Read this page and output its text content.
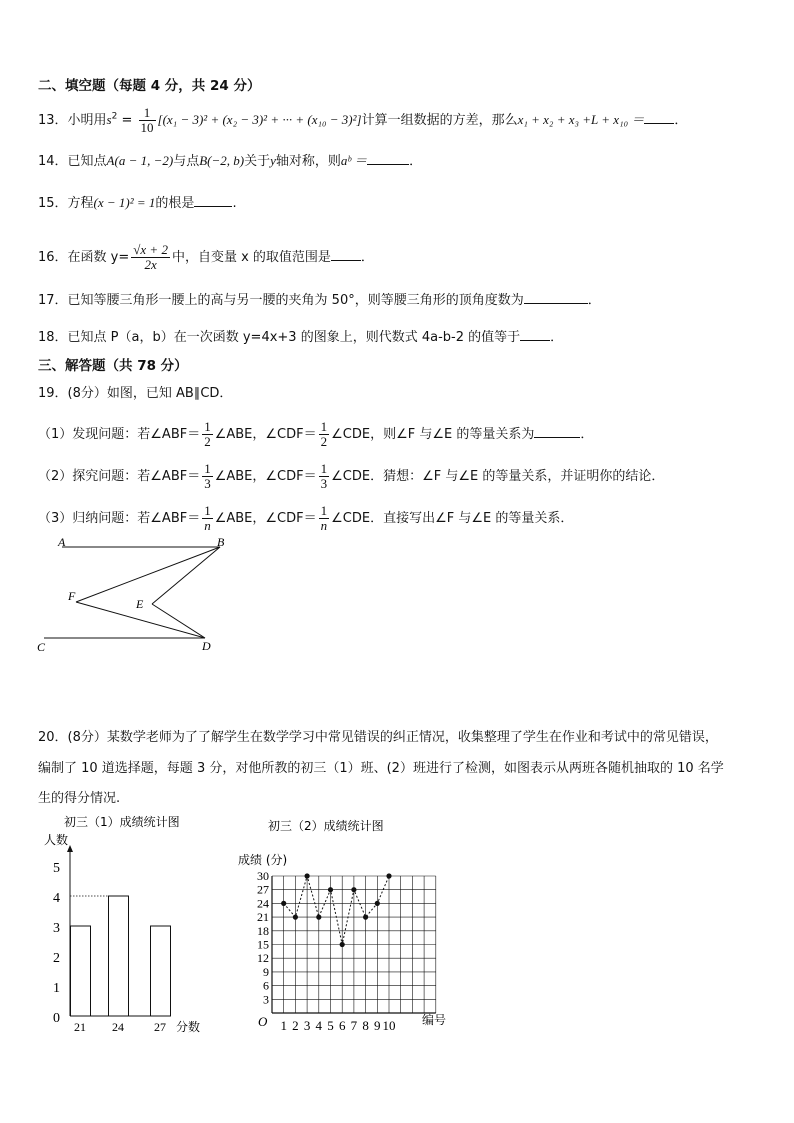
二、填空题（每题 4 分，共 24 分）
13．小明用$s^2 = \frac{1}{10} [(x_1 - 3)^2 + (x_2 - 3)^2$ + ··· + (x₁₀ − 3)²]计算一组数据的方差，那么x₁ + x₂ + x₃ +L + x₁₀ ＝ ．
14．已知点A(a − 1, −2)与点B(−2, b)关于y轴对称，则aᵇ ＝	．
15．方程(x − 1)² = 1的根是	.
16．在函数 $y= \frac{√x + 2}{2x}$ 中，自变量 x 的取值范围是 ．
17．已知等腰三角形一腰上的高与另一腰的夹角为 50°，则等腰三角形的顶角度数为	．
18．已知点 P（a，b）在一次函数 y=4x+3 的图象上，则代数式 4a-b-2 的值等于 ．
三、解答题（共 78 分）
19．(8分）如图，已知 AB∥CD．
（1）发现问题：若∠ABF＝ $\frac{1}{2}$ ∠ABE，∠CDF＝ $\frac{1}{2}$ ∠CDE，则∠F 与∠E 的等量关系为	．
（2）探究问题：若∠ABF＝ $\frac{1}{3}$ ∠ABE，∠CDF＝ $\frac{1}{3}$ ∠CDE．猜想：∠F 与∠E 的等量关系，并证明你的结论．
（3）归纳问题：若∠ABF＝ $\frac{1}{n}$ ∠ABE，∠CDF＝ $\frac{1}{n}$ ∠CDE．直接写出∠F 与∠E 的等量关系．
A	B
C	D
E
F
20．(8分）某数学老师为了了解学生在数学学习中常见错误的纠正情况，收集整理了学生在作业和考试中的常见错误，
编制了 10 道选择题，每题 3 分，对他所教的初三（1）班、(2）班进行了检测，如图表示从两班各随机抽取的 10 名学
生的得分情况.
初三（1）成绩统计图
人数
0
1
2
3
4
5
21 24	27 分数
初三（2）成绩统计图
成绩 (分)
3
6
9
12
15
18
21
24
27
30
1 2 3 4 5 6 7 8 9 10
O	编号
